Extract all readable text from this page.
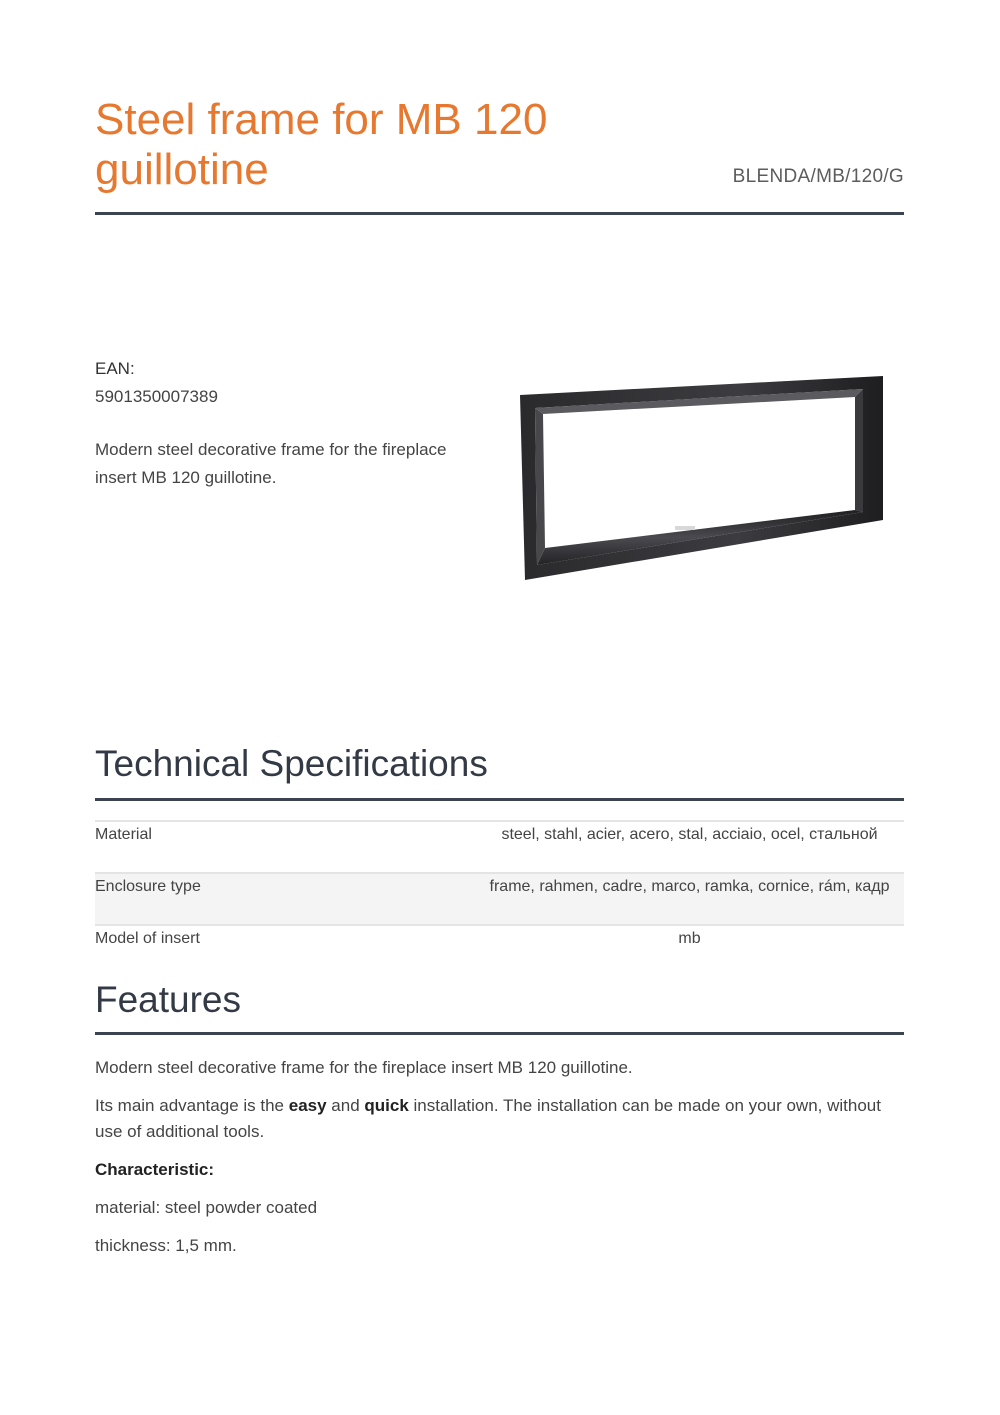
Steel frame for MB 120 guillotine	BLENDA/MB/120/G

EAN:

5901350007389

Modern steel decorative frame for the fireplace insert MB 120 guillotine.

Technical Specifications
Material	steel, stahl, acier, acero, stal, acciaio, ocel, стальной
Enclosure type	frame, rahmen, cadre, marco, ramka, cornice, rám, кадр
Model of insert	mb
Features

Modern steel decorative frame for the fireplace insert MB 120 guillotine.

Its main advantage is the easy and quick installation. The installation can be made on your own, without use of additional tools.

Characteristic:

material: steel powder coated

thickness: 1,5 mm.
